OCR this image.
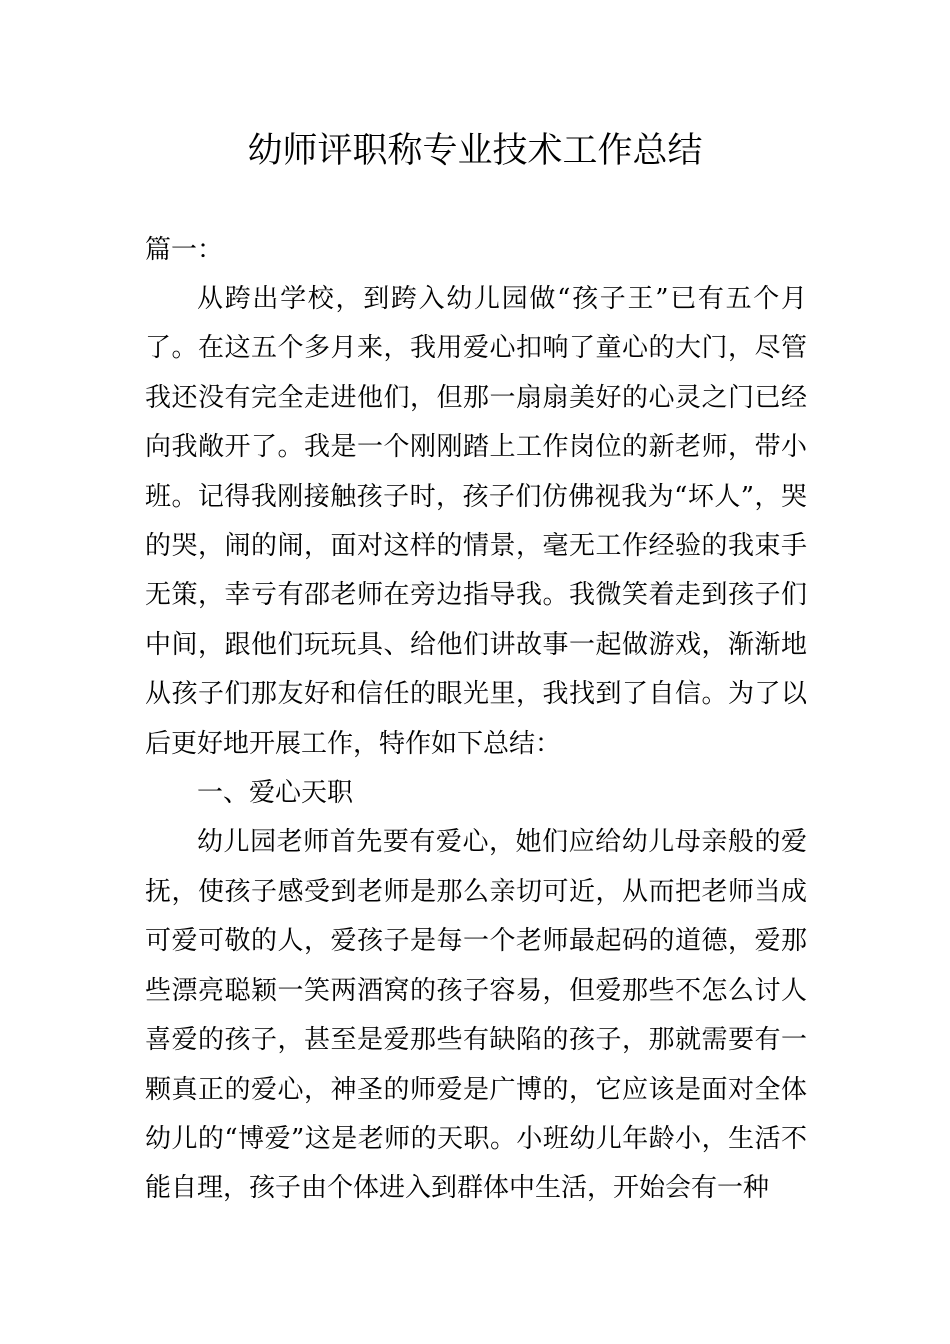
幼师评职称专业技术工作总结
篇一：

从跨出学校，到跨入幼儿园做“孩子王”已有五个月了。在这五个多月来，我用爱心扣响了童心的大门，尽管我还没有完全走进他们，但那一扇扇美好的心灵之门已经向我敞开了。我是一个刚刚踏上工作岗位的新老师，带小班。记得我刚接触孩子时，孩子们仿佛视我为“坏人”，哭的哭，闹的闹，面对这样的情景，毫无工作经验的我束手无策，幸亏有邵老师在旁边指导我。我微笑着走到孩子们中间，跟他们玩玩具、给他们讲故事一起做游戏，渐渐地从孩子们那友好和信任的眼光里，我找到了自信。为了以后更好地开展工作，特作如下总结：

一、爱心天职

幼儿园老师首先要有爱心，她们应给幼儿母亲般的爱抚，使孩子感受到老师是那么亲切可近，从而把老师当成可爱可敬的人，爱孩子是每一个老师最起码的道德，爱那些漂亮聪颖一笑两酒窝的孩子容易，但爱那些不怎么讨人喜爱的孩子，甚至是爱那些有缺陷的孩子，那就需要有一颗真正的爱心，神圣的师爱是广博的，它应该是面对全体幼儿的“博爱”这是老师的天职。小班幼儿年龄小，生活不能自理，孩子由个体进入到群体中生活，开始会有一种
